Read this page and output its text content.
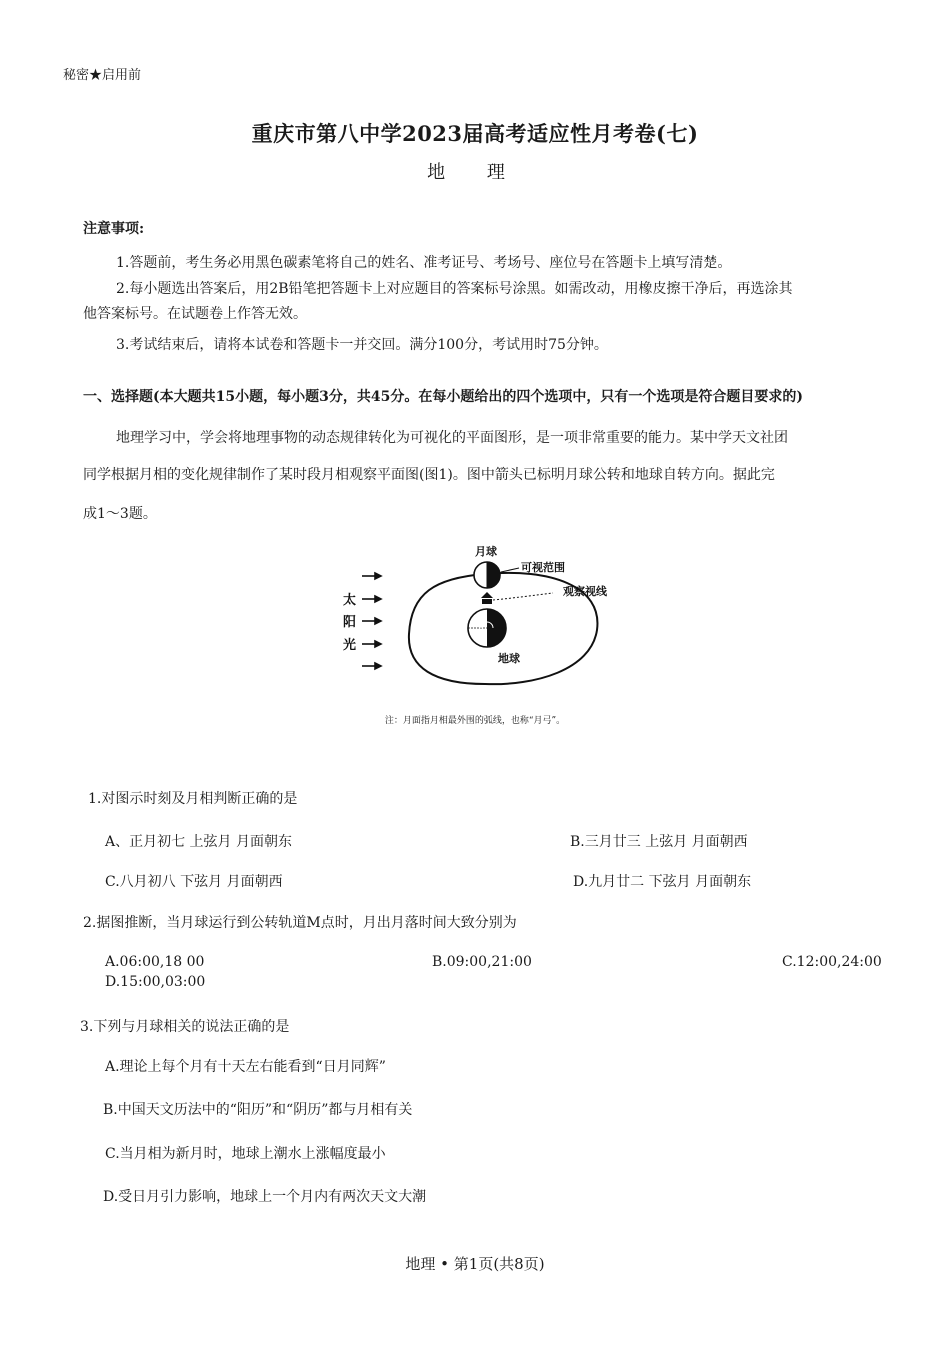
秘密★启用前
重庆市第八中学2023届高考适应性月考卷(七)
地 理
注意事项:
1.答题前，考生务必用黑色碳素笔将自己的姓名、准考证号、考场号、座位号在答题卡上填写清楚。
2.每小题选出答案后，用2B铅笔把答题卡上对应题目的答案标号涂黑。如需改动，用橡皮擦干净后，再选涂其
他答案标号。在试题卷上作答无效。
3.考试结束后，请将本试卷和答题卡一并交回。满分100分，考试用时75分钟。
一、选择题(本大题共15小题，每小题3分，共45分。在每小题给出的四个选项中，只有一个选项是符合题目要求的)
地理学习中，学会将地理事物的动态规律转化为可视化的平面图形，是一项非常重要的能力。某中学天文社团
同学根据月相的变化规律制作了某时段月相观察平面图(图1)。图中箭头已标明月球公转和地球自转方向。据此完
成1～3题。
太
阳
光
月球
可视范围
观察视线
地球
注：月面指月相最外围的弧线，也称“月弓”。
1.对图示时刻及月相判断正确的是
A、正月初七 上弦月 月面朝东	B.三月廿三 上弦月 月面朝西
C.八月初八 下弦月 月面朝西	D.九月廿二 下弦月 月面朝东
2.据图推断，当月球运行到公转轨道M点时，月出月落时间大致分别为
A.06:00,18 00	B.09:00,21:00	C.12:00,24:00
D.15:00,03:00
3.下列与月球相关的说法正确的是
A.理论上每个月有十天左右能看到“日月同辉”
B.中国天文历法中的“阳历”和“阴历”都与月相有关
C.当月相为新月时，地球上潮水上涨幅度最小
D.受日月引力影响，地球上一个月内有两次天文大潮
地理 • 第1页(共8页)
